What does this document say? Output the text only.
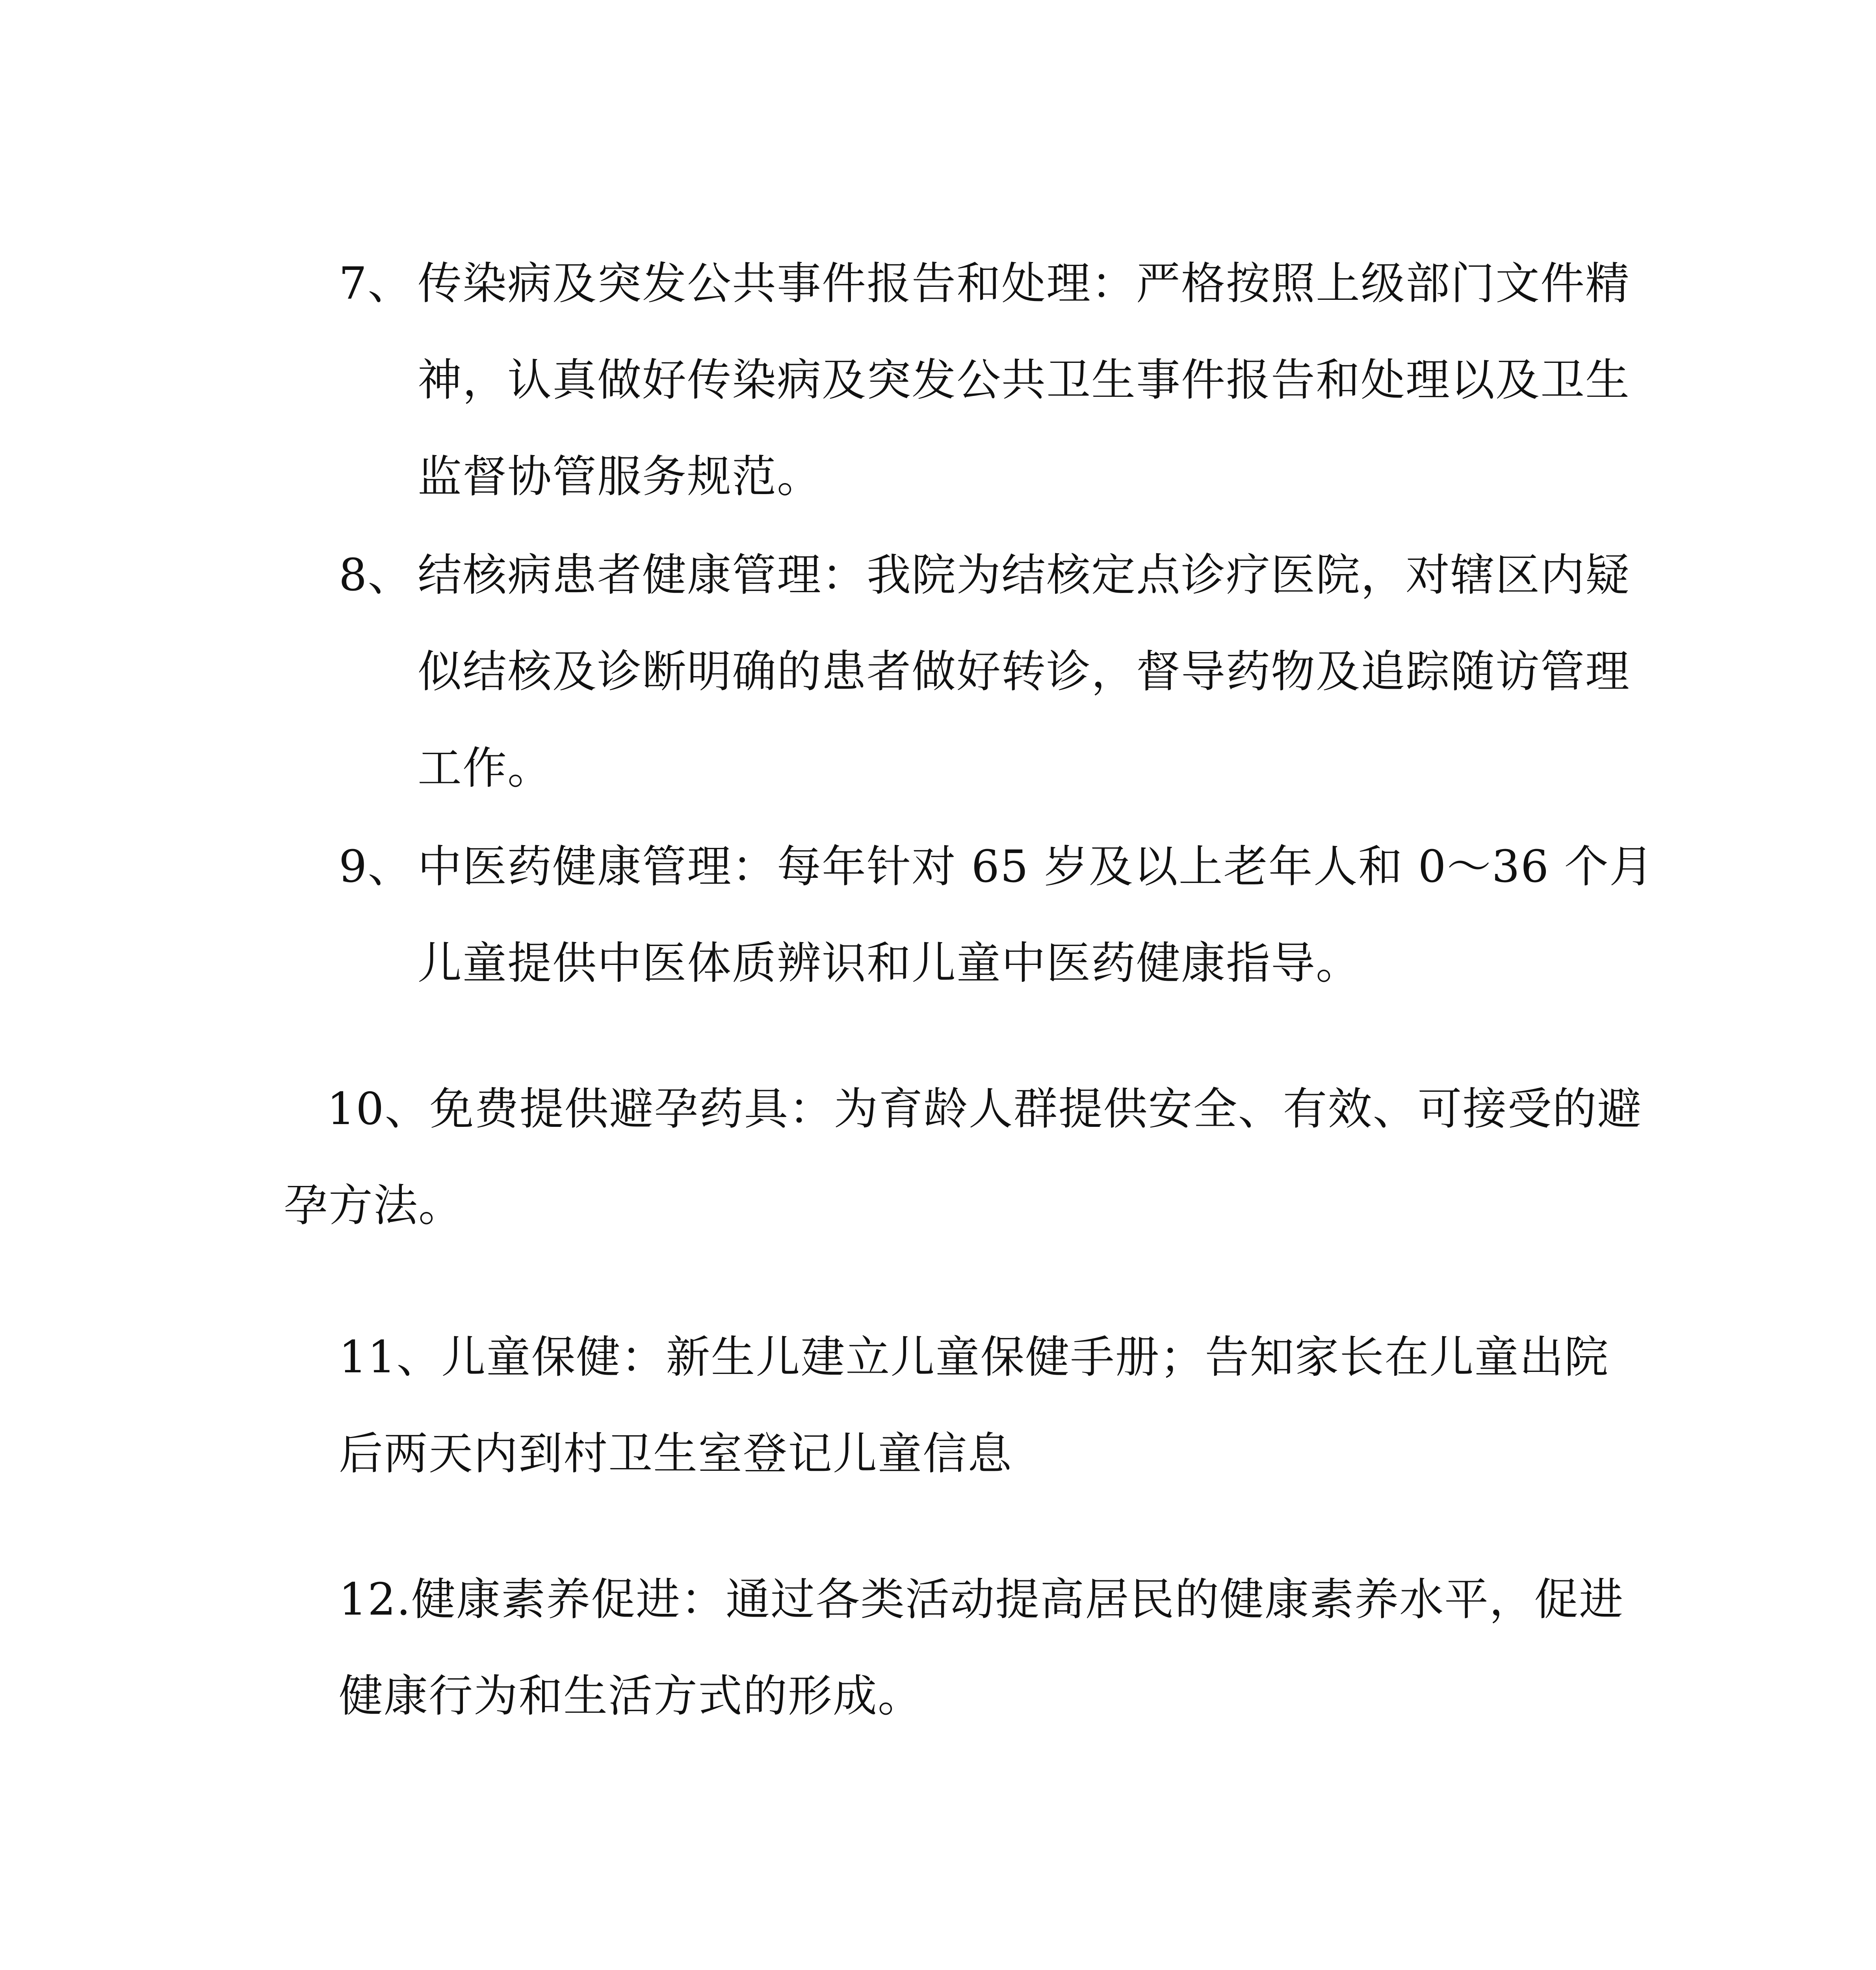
7、 传染病及突发公共事件报告和处理：严格按照上级部门文件精
神，认真做好传染病及突发公共卫生事件报告和处理以及卫生
监督协管服务规范。
8、 结核病患者健康管理：我院为结核定点诊疗医院，对辖区内疑
似结核及诊断明确的患者做好转诊，督导药物及追踪随访管理
工作。
9、 中医药健康管理：每年针对 65 岁及以上老年人和 0～36 个月
儿童提供中医体质辨识和儿童中医药健康指导。
10、免费提供避孕药具：为育龄人群提供安全、有效、可接受的避
孕方法。
11、儿童保健：新生儿建立儿童保健手册；告知家长在儿童出院
后两天内到村卫生室登记儿童信息
12.健康素养促进：通过各类活动提高居民的健康素养水平，促进
健康行为和生活方式的形成。
